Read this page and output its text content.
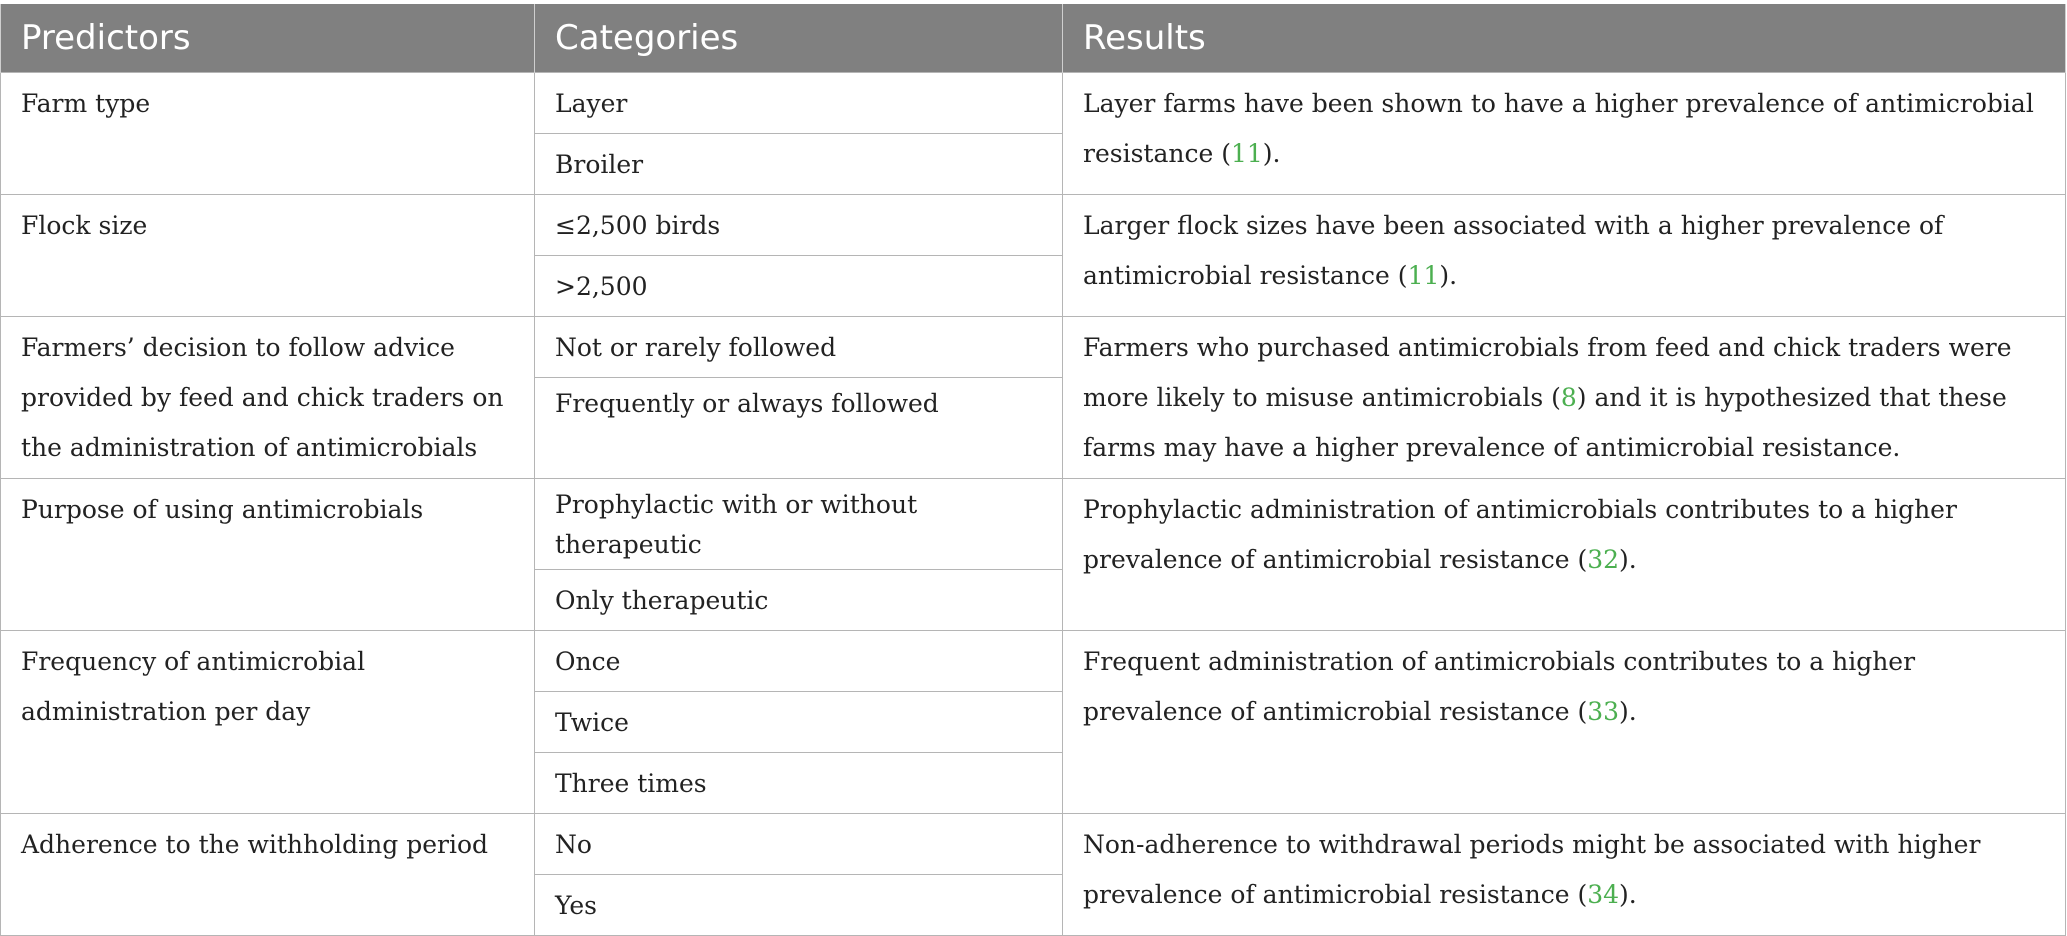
Predictors	Categories	Results
Farm type	Layer	Layer farms have been shown to have a higher prevalence of antimicrobial resistance (11).
	Broiler	
Flock size	≤2,500 birds	Larger flock sizes have been associated with a higher prevalence of antimicrobial resistance (11).
	>2,500	
Farmers’ decision to follow advice provided by feed and chick traders on the administration of antimicrobials	Not or rarely followed	Farmers who purchased antimicrobials from feed and chick traders were more likely to misuse antimicrobials (8) and it is hypothesized that these farms may have a higher prevalence of antimicrobial resistance.
	Frequently or always followed	
Purpose of using antimicrobials	Prophylactic with or without therapeutic	Prophylactic administration of antimicrobials contributes to a higher prevalence of antimicrobial resistance (32).
	Only therapeutic	
Frequency of antimicrobial administration per day	Once	Frequent administration of antimicrobials contributes to a higher prevalence of antimicrobial resistance (33).
	Twice	
	Three times	
Adherence to the withholding period	No	Non-adherence to withdrawal periods might be associated with higher prevalence of antimicrobial resistance (34).
	Yes	
